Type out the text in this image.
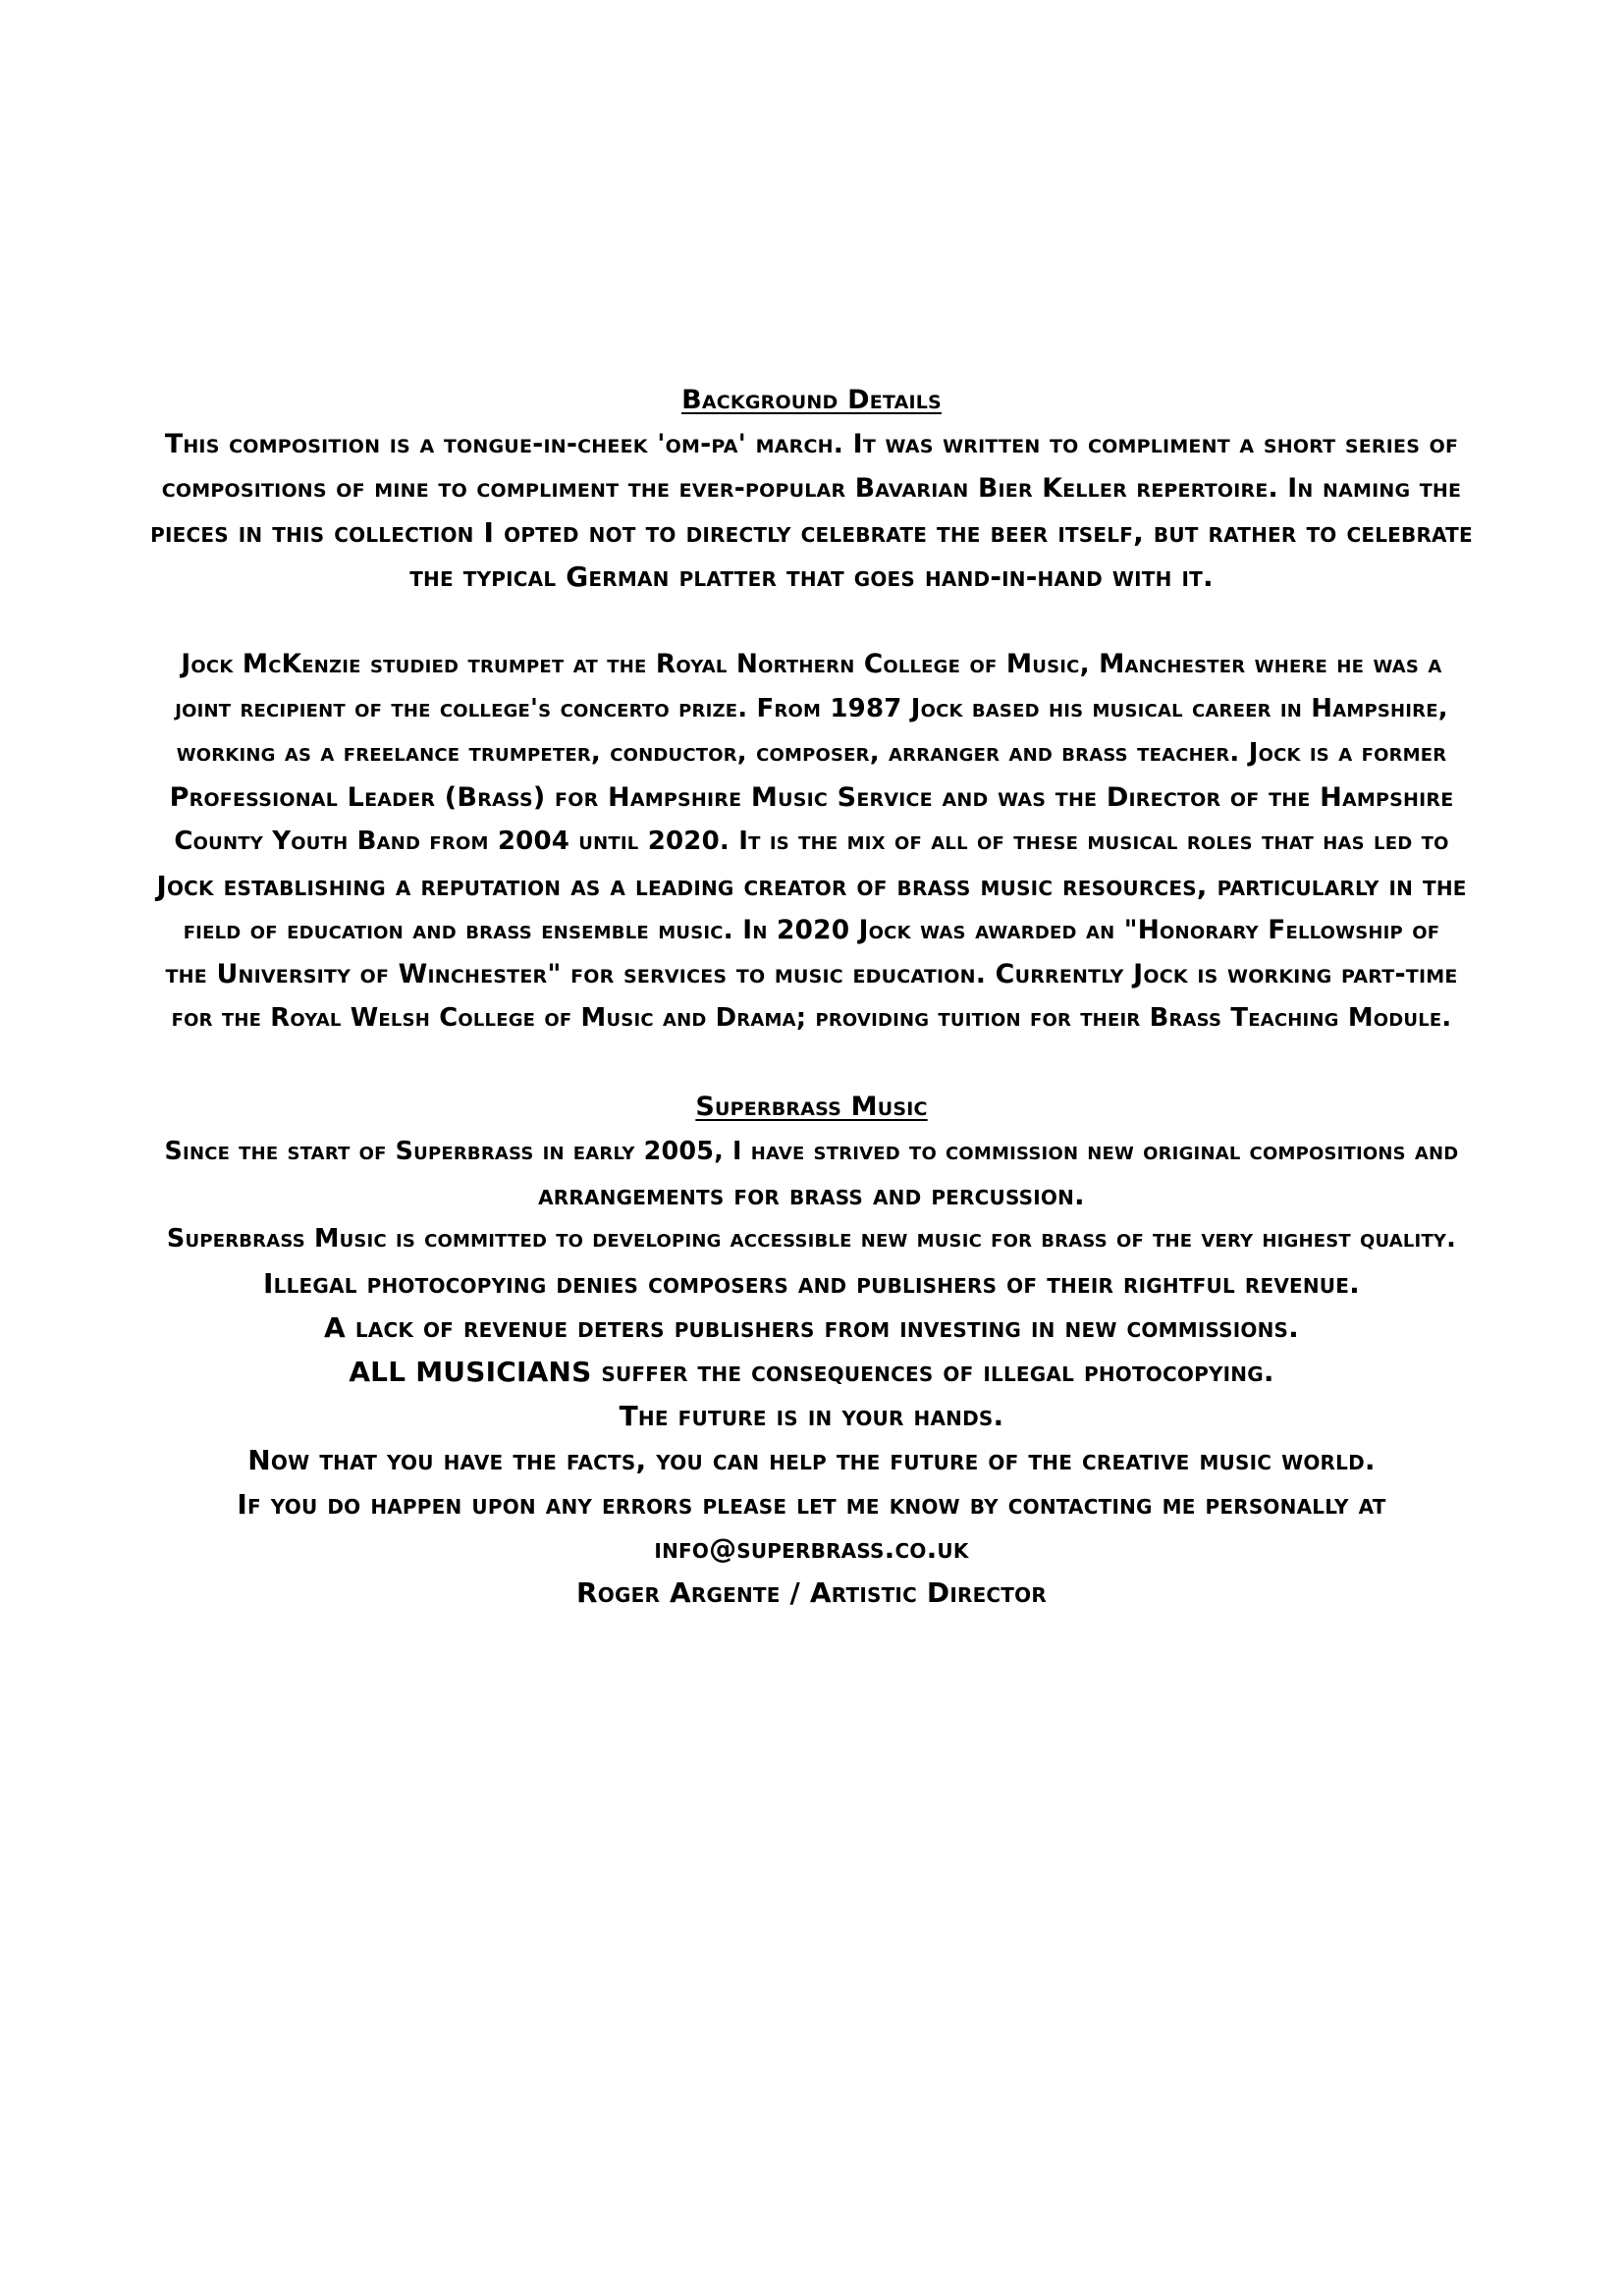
Background Details

This composition is a tongue-in-cheek 'om-pa' march. It was written to compliment a short series of
compositions of mine to compliment the ever-popular Bavarian Bier Keller repertoire. In naming the
pieces in this collection I opted not to directly celebrate the beer itself, but rather to celebrate
the typical German platter that goes hand-in-hand with it.

Jock McKenzie studied trumpet at the Royal Northern College of Music, Manchester where he was a
joint recipient of the college's concerto prize. From 1987 Jock based his musical career in Hampshire,
working as a freelance trumpeter, conductor, composer, arranger and brass teacher. Jock is a former
Professional Leader (Brass) for Hampshire Music Service and was the Director of the Hampshire
County Youth Band from 2004 until 2020. It is the mix of all of these musical roles that has led to
Jock establishing a reputation as a leading creator of brass music resources, particularly in the
field of education and brass ensemble music. In 2020 Jock was awarded an "Honorary Fellowship of
the University of Winchester" for services to music education. Currently Jock is working part-time
for the Royal Welsh College of Music and Drama; providing tuition for their Brass Teaching Module.

Superbrass Music
Since the start of Superbrass in early 2005, I have strived to commission new original compositions and
arrangements for brass and percussion.
Superbrass Music is committed to developing accessible new music for brass of the very highest quality.
Illegal photocopying denies composers and publishers of their rightful revenue.
A lack of revenue deters publishers from investing in new commissions.
ALL MUSICIANS suffer the consequences of illegal photocopying.
The future is in your hands.
Now that you have the facts, you can help the future of the creative music world.
If you do happen upon any errors please let me know by contacting me personally at
info@superbrass.co.uk
Roger Argente / Artistic Director
